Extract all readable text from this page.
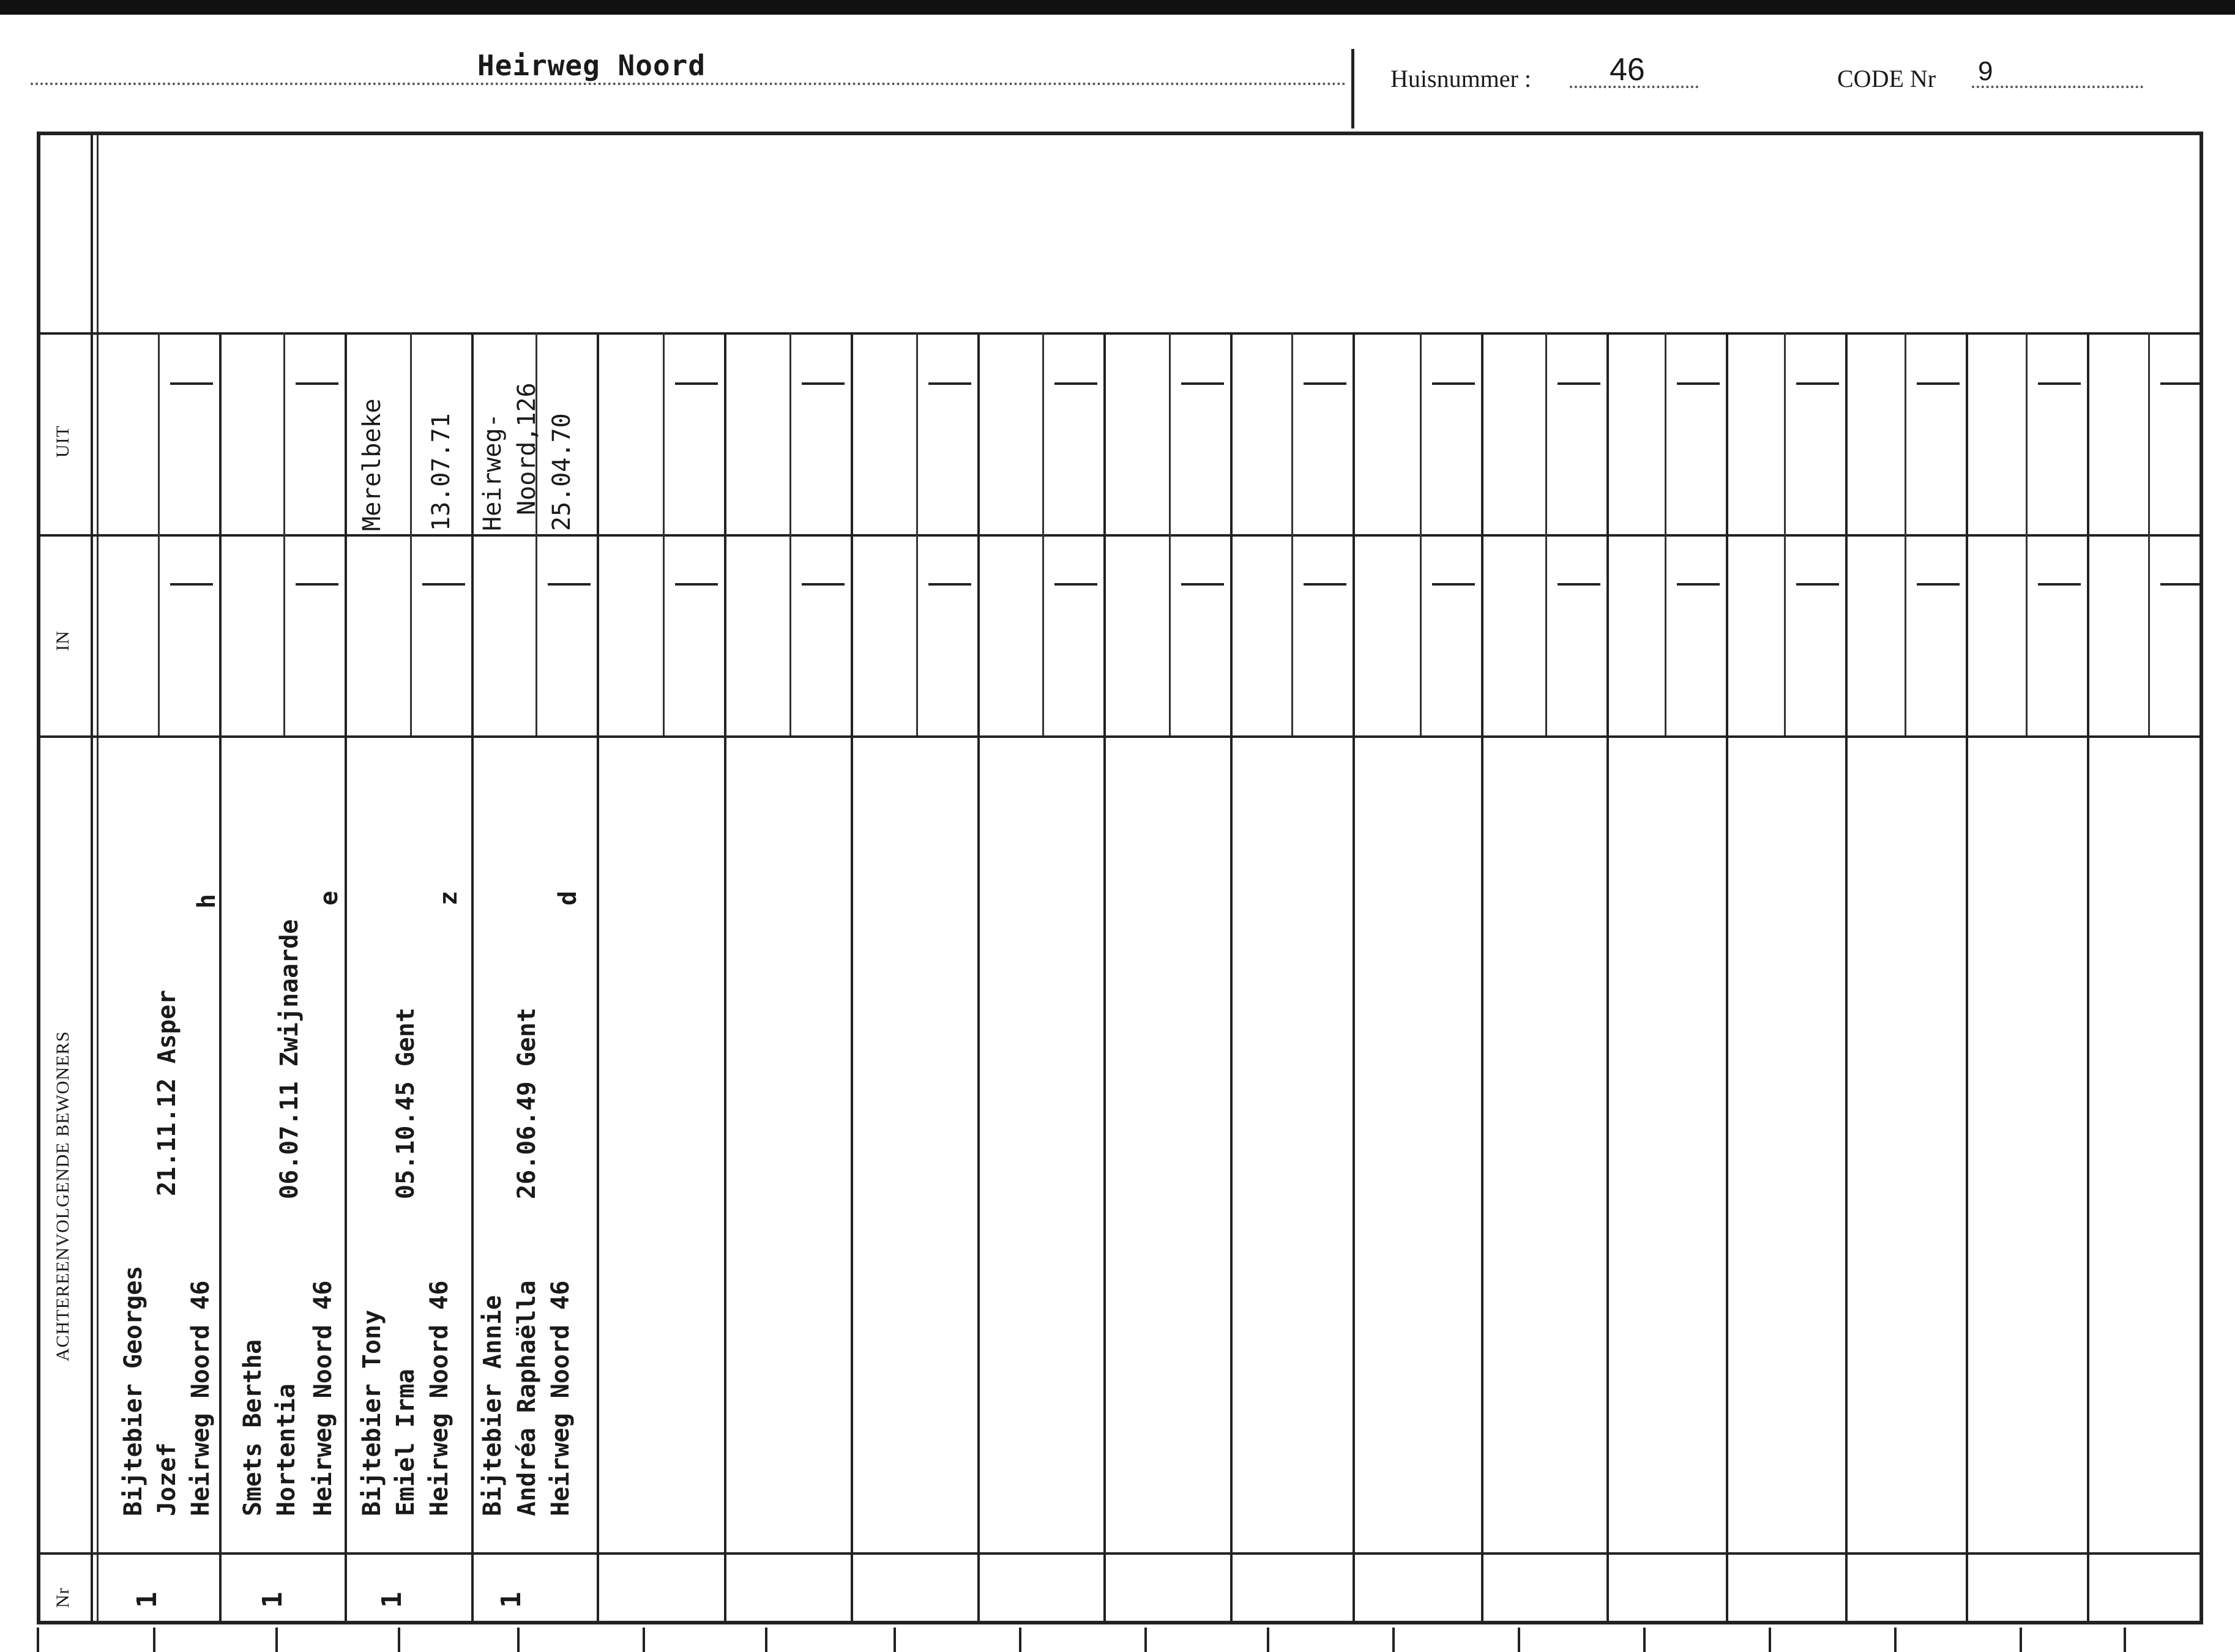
Heirweg Noord	Huisnummer : 46	CODE Nr 9
UIT
IN
ACHTEREENVOLGENDE BEWONERS
Nr
Bijtebier Georges Jozef Heirweg Noord 46
21.11.12 Asper
h
1
Smets Bertha Hortentia Heirweg Noord 46
06.07.11 Zwijnaarde
e
1
Bijtebier Tony Emiel Irma Heirweg Noord 46
05.10.45 Gent
z
1
Merelbeke 13.07.71
Bijtebier Annie Andréa Raphaëlla Heirweg Noord 46
26.06.49 Gent
d
1
Heirweg- Noord,126 25.04.70
